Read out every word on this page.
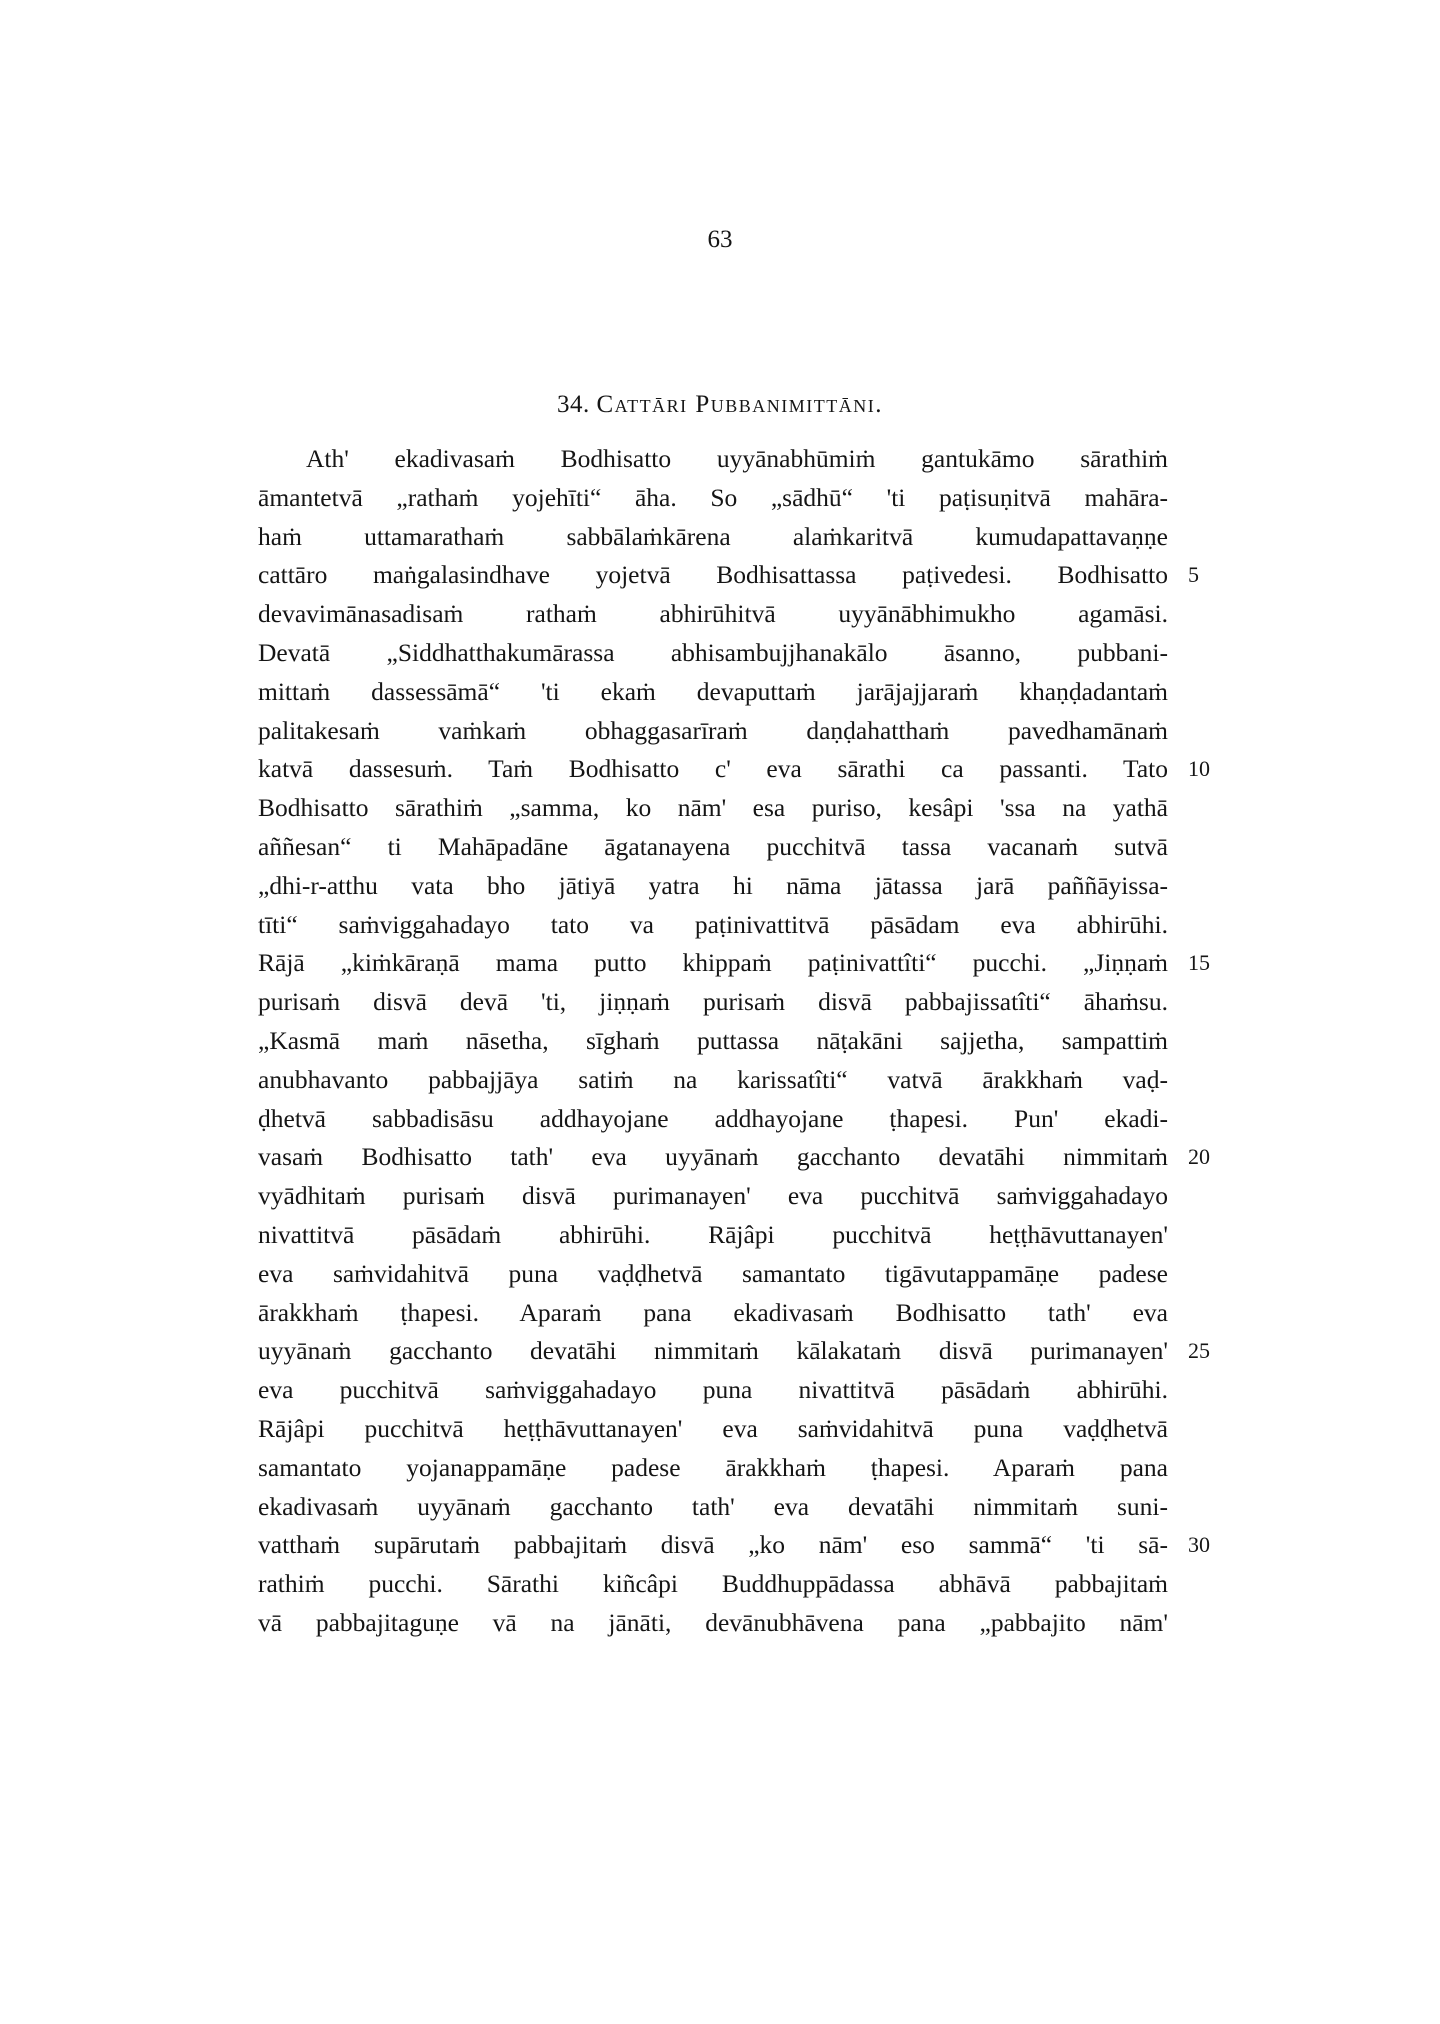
63
34. Cattāri Pubbanimittāni.
Ath' ekadivasaṁ Bodhisatto uyyānabhūmiṁ gantukāmo sārathiṁ
āmantetvā „rathaṁ yojehīti“ āha. So „sādhū“ 'ti paṭisuṇitvā mahāra-
haṁ uttamarathaṁ sabbālaṁkārena alaṁkaritvā kumudapattavaṇṇe
cattāro maṅgalasindhave yojetvā Bodhisattassa paṭivedesi. Bodhisatto 5
devavimānasadisaṁ rathaṁ abhirūhitvā uyyānābhimukho agamāsi.
Devatā „Siddhatthakumārassa abhisambujjhanakālo āsanno, pubbani-
mittaṁ dassessāmā“ 'ti ekaṁ devaputtaṁ jarājajjaraṁ khaṇḍadantaṁ
palitakesaṁ vaṁkaṁ obhaggasarīraṁ daṇḍahatthaṁ pavedhamānaṁ
katvā dassesuṁ. Taṁ Bodhisatto c' eva sārathi ca passanti. Tato 10
Bodhisatto sārathiṁ „samma, ko nām' esa puriso, kesâpi 'ssa na yathā
aññesan“ ti Mahāpadāne āgatanayena pucchitvā tassa vacanaṁ sutvā
„dhi-r-atthu vata bho jātiyā yatra hi nāma jātassa jarā paññāyissa-
tīti“ saṁviggahadayo tato va paṭinivattitvā pāsādam eva abhirūhi.
Rājā „kiṁkāraṇā mama putto khippaṁ paṭinivattîti“ pucchi. „Jiṇṇaṁ 15
purisaṁ disvā devā 'ti, jiṇṇaṁ purisaṁ disvā pabbajissatîti“ āhaṁsu.
„Kasmā maṁ nāsetha, sīghaṁ puttassa nāṭakāni sajjetha, sampattiṁ
anubhavanto pabbajjāya satiṁ na karissatîti“ vatvā ārakkhaṁ vaḍ-
ḍhetvā sabbadisāsu addhayojane addhayojane ṭhapesi. Pun' ekadi-
vasaṁ Bodhisatto tath' eva uyyānaṁ gacchanto devatāhi nimmitaṁ 20
vyādhitaṁ purisaṁ disvā purimanayen' eva pucchitvā saṁviggahadayo
nivattitvā pāsādaṁ abhirūhi. Rājâpi pucchitvā heṭṭhāvuttanayen'
eva saṁvidahitvā puna vaḍḍhetvā samantato tigāvutappamāṇe padese
ārakkhaṁ ṭhapesi. Aparaṁ pana ekadivasaṁ Bodhisatto tath' eva
uyyānaṁ gacchanto devatāhi nimmitaṁ kālakataṁ disvā purimanayen' 25
eva pucchitvā saṁviggahadayo puna nivattitvā pāsādaṁ abhirūhi.
Rājâpi pucchitvā heṭṭhāvuttanayen' eva saṁvidahitvā puna vaḍḍhetvā
samantato yojanappamāṇe padese ārakkhaṁ ṭhapesi. Aparaṁ pana
ekadivasaṁ uyyānaṁ gacchanto tath' eva devatāhi nimmitaṁ suni-
vatthaṁ supārutaṁ pabbajitaṁ disvā „ko nām' eso sammā“ 'ti sā- 30
rathiṁ pucchi. Sārathi kiñcâpi Buddhuppādassa abhāvā pabbajitaṁ
vā pabbajitaguṇe vā na jānāti, devānubhāvena pana „pabbajito nām'
